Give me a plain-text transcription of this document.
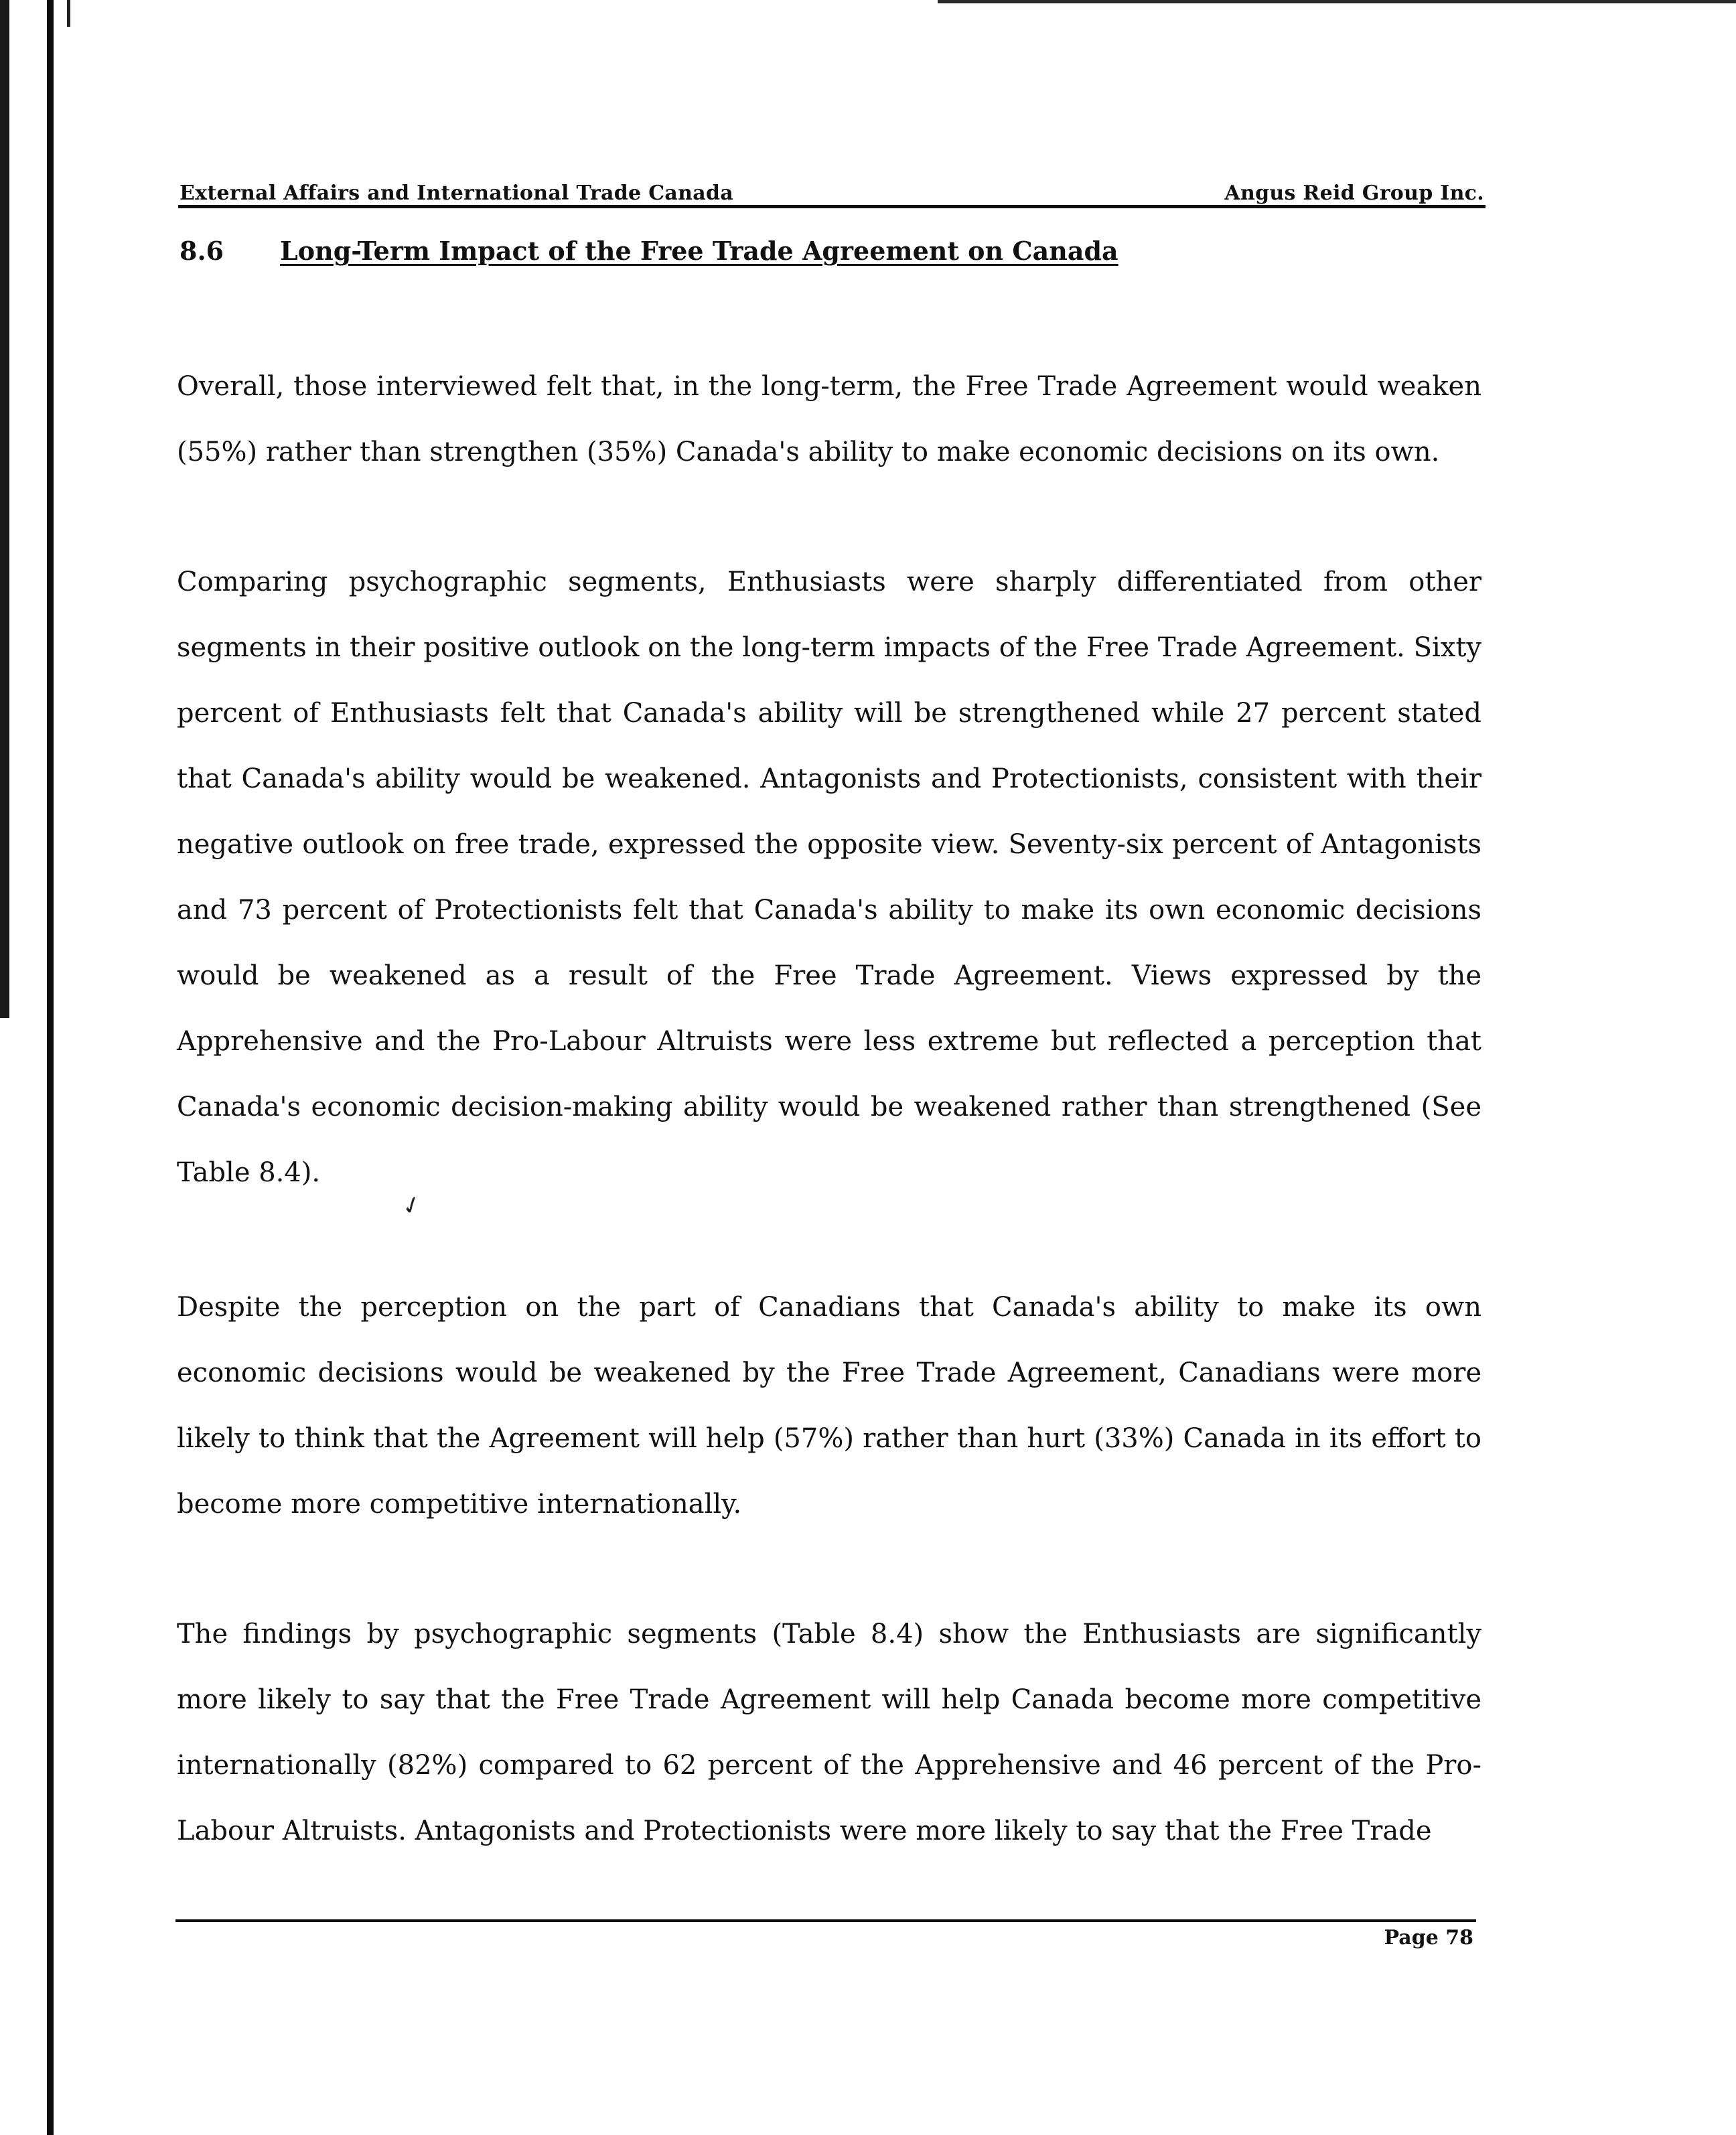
External Affairs and International Trade Canada	Angus Reid Group Inc.
8.6 Long-Term Impact of the Free Trade Agreement on Canada

Overall, those interviewed felt that, in the long-term, the Free Trade Agreement would weaken (55%) rather than strengthen (35%) Canada's ability to make economic decisions on its own.

Comparing psychographic segments, Enthusiasts were sharply differentiated from other segments in their positive outlook on the long-term impacts of the Free Trade Agreement. Sixty percent of Enthusiasts felt that Canada's ability will be strengthened while 27 percent stated that Canada's ability would be weakened. Antagonists and Protectionists, consistent with their negative outlook on free trade, expressed the opposite view. Seventy-six percent of Antagonists and 73 percent of Protectionists felt that Canada's ability to make its own economic decisions would be weakened as a result of the Free Trade Agreement. Views expressed by the Apprehensive and the Pro-Labour Altruists were less extreme but reflected a perception that Canada's economic decision-making ability would be weakened rather than strengthened (See Table 8.4).

✓

Despite the perception on the part of Canadians that Canada's ability to make its own economic decisions would be weakened by the Free Trade Agreement, Canadians were more likely to think that the Agreement will help (57%) rather than hurt (33%) Canada in its effort to become more competitive internationally.

The findings by psychographic segments (Table 8.4) show the Enthusiasts are significantly more likely to say that the Free Trade Agreement will help Canada become more competitive internationally (82%) compared to 62 percent of the Apprehensive and 46 percent of the Pro-Labour Altruists. Antagonists and Protectionists were more likely to say that the Free Trade

Page 78
